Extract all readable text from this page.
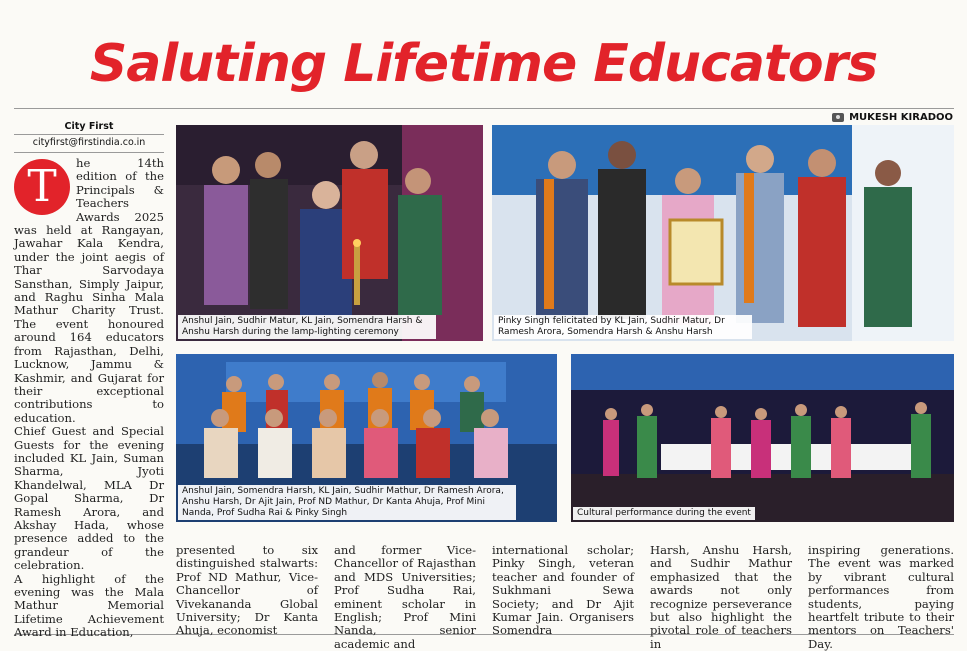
Saluting Lifetime Educators
MUKESH KIRADOO
City First
cityfirst@firstindia.co.in
T	he 14th edition of the Principals & Teachers Awards 2025 was held at Rangayan, Jawahar Kala Kendra, under the joint aegis of Thar Sarvodaya Sansthan, Simply Jaipur, and Raghu Sinha Mala Mathur Charity Trust. The event honoured around 164 educators from Rajasthan, Delhi, Lucknow, Jammu & Kashmir, and Gujarat for their exceptional contributions to education.
Chief Guest and Special Guests for the evening included KL Jain, Suman Sharma, Jyoti Khandelwal, MLA Dr Gopal Sharma, Dr Ramesh Arora, and Akshay Hada, whose presence added to the grandeur of the celebration.
A highlight of the evening was the Mala Mathur Memorial Lifetime Achievement Award in Education,
presented to six distinguished stalwarts: Prof ND Mathur, Vice-Chancellor of Vivekananda Global University; Dr Kanta Ahuja, economist
and former Vice-Chancellor of Rajasthan and MDS Universities; Prof Sudha Rai, eminent scholar in English; Prof Mini Nanda, senior academic and
international scholar; Pinky Singh, veteran teacher and founder of Sukhmani Sewa Society; and Dr Ajit Kumar Jain. Organisers Somendra
Harsh, Anshu Harsh, and Sudhir Mathur emphasized that the awards not only recognize perseverance but also highlight the pivotal role of teachers in
inspiring generations. The event was marked by vibrant cultural performances from students, paying heartfelt tribute to their mentors on Teachers' Day.
Anshul Jain, Sudhir Matur, KL Jain, Somendra Harsh & Anshu Harsh during the lamp-lighting ceremony
Pinky Singh felicitated by KL Jain, Sudhir Matur, Dr Ramesh Arora, Somendra Harsh & Anshu Harsh
Anshul Jain, Somendra Harsh, KL Jain, Sudhir Mathur, Dr Ramesh Arora, Anshu Harsh, Dr Ajit Jain, Prof ND Mathur, Dr Kanta Ahuja, Prof Mini Nanda, Prof Sudha Rai & Pinky Singh	Cultural performance during the event
